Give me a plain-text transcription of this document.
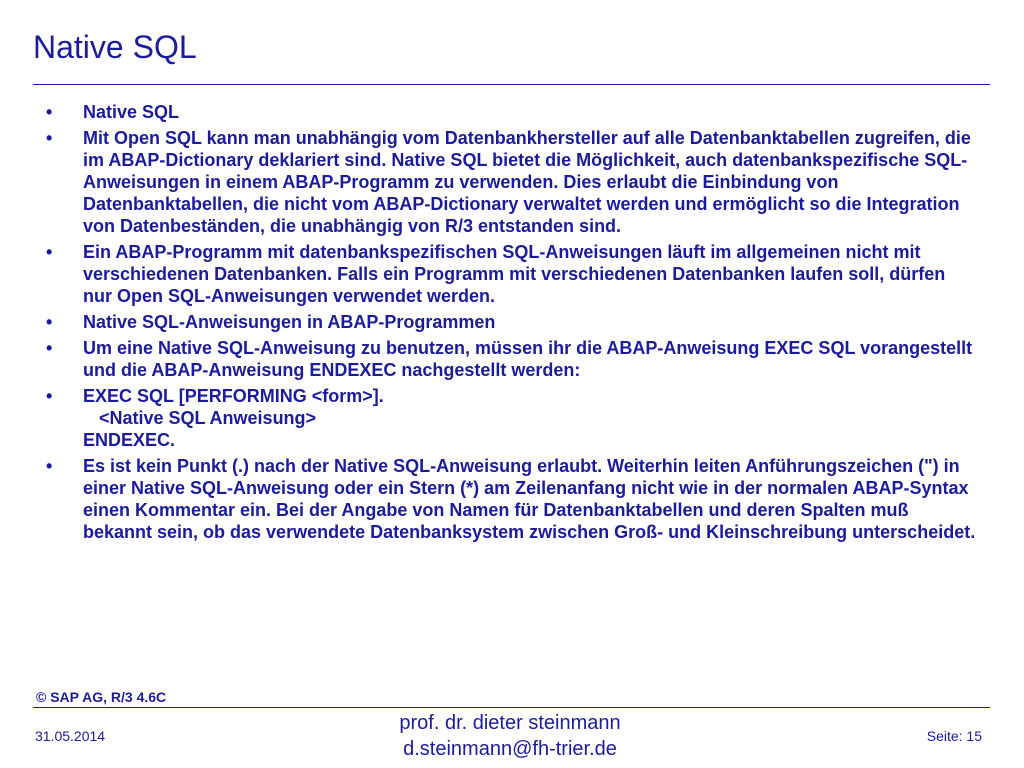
Native SQL
• Native SQL
• Mit Open SQL kann man unabhängig vom Datenbankhersteller auf alle Datenbanktabellen zugreifen, die im ABAP-Dictionary deklariert sind. Native SQL bietet die Möglichkeit, auch datenbankspezifische SQL-Anweisungen in einem ABAP-Programm zu verwenden. Dies erlaubt die Einbindung von Datenbanktabellen, die nicht vom ABAP-Dictionary verwaltet werden und ermöglicht so die Integration von Datenbeständen, die unabhängig von R/3 entstanden sind.
• Ein ABAP-Programm mit datenbankspezifischen SQL-Anweisungen läuft im allgemeinen nicht mit verschiedenen Datenbanken. Falls ein Programm mit verschiedenen Datenbanken laufen soll, dürfen nur Open SQL-Anweisungen verwendet werden.
• Native SQL-Anweisungen in ABAP-Programmen
• Um eine Native SQL-Anweisung zu benutzen, müssen ihr die ABAP-Anweisung EXEC SQL vorangestellt und die ABAP-Anweisung ENDEXEC nachgestellt werden:
• EXEC SQL [PERFORMING <form>].
<Native SQL Anweisung>
ENDEXEC.
• Es ist kein Punkt (.) nach der Native SQL-Anweisung erlaubt. Weiterhin leiten Anführungszeichen (") in einer Native SQL-Anweisung oder ein Stern (*) am Zeilenanfang nicht wie in der normalen ABAP-Syntax einen Kommentar ein. Bei der Angabe von Namen für Datenbanktabellen und deren Spalten muß bekannt sein, ob das verwendete Datenbanksystem zwischen Groß- und Kleinschreibung unterscheidet.
© SAP AG, R/3 4.6C
31.05.2014
prof. dr. dieter steinmann
d.steinmann@fh-trier.de
Seite: 15
